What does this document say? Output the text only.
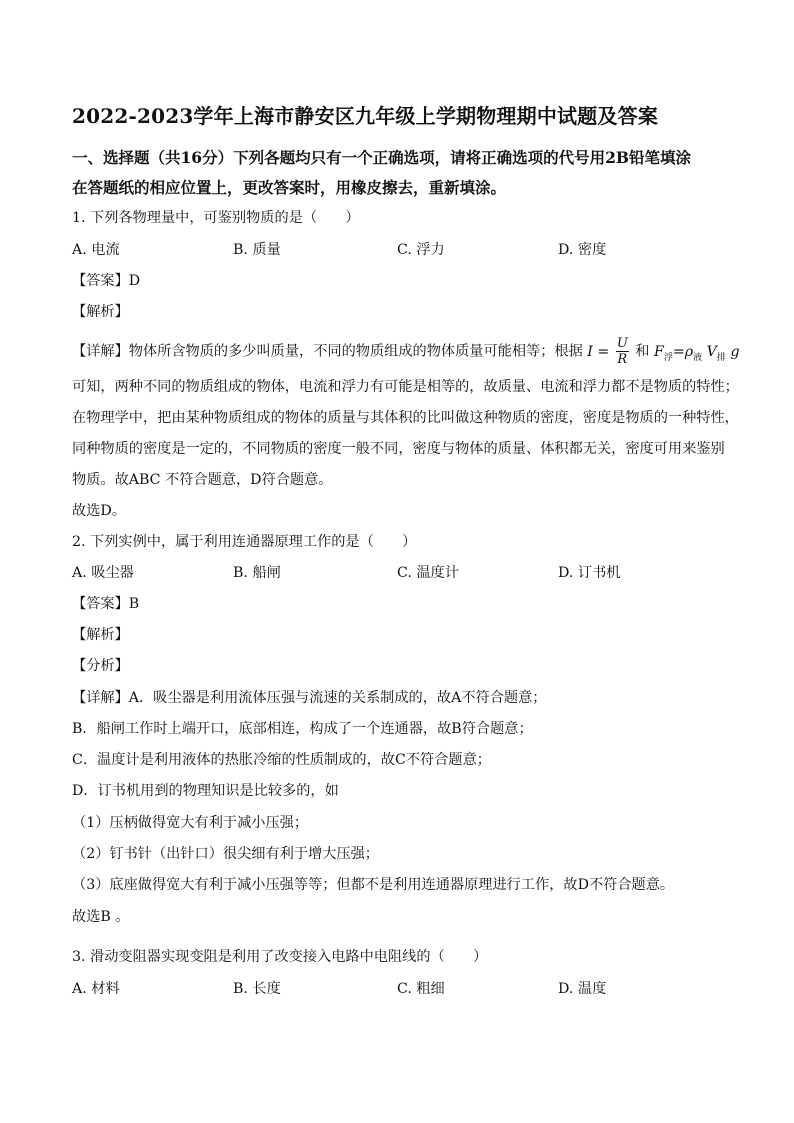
2022-2023学年上海市静安区九年级上学期物理期中试题及答案
一、选择题（共16分）下列各题均只有一个正确选项，请将正确选项的代号用2B铅笔填涂
在答题纸的相应位置上，更改答案时，用橡皮擦去，重新填涂。
1. 下列各物理量中，可鉴别物质的是（　　）
A. 电流	B. 质量	C. 浮力	D. 密度
【答案】D
【解析】
【详解】物体所含物质的多少叫质量，不同的物质组成的物体质量可能相等；根据 $I = \frac{U}{R}$ 和 $F_浮=\rho_液$ $V_排$ g
可知，两种不同的物质组成的物体，电流和浮力有可能是相等的，故质量、电流和浮力都不是物质的特性；
在物理学中，把由某种物质组成的物体的质量与其体积的比叫做这种物质的密度，密度是物质的一种特性，
同种物质的密度是一定的，不同物质的密度一般不同，密度与物体的质量、体积都无关，密度可用来鉴别
物质。故ABC 不符合题意，D符合题意。
故选D。
2. 下列实例中，属于利用连通器原理工作的是（　　）
A. 吸尘器	B. 船闸	C. 温度计	D. 订书机
【答案】B
【解析】
【分析】
【详解】A．吸尘器是利用流体压强与流速的关系制成的，故A不符合题意；
B．船闸工作时上端开口，底部相连，构成了一个连通器，故B符合题意；
C．温度计是利用液体的热胀冷缩的性质制成的，故C不符合题意；
D．订书机用到的物理知识是比较多的，如
（1）压柄做得宽大有利于减小压强；
（2）钉书针（出针口）很尖细有利于增大压强；
（3）底座做得宽大有利于减小压强等等；但都不是利用连通器原理进行工作，故D不符合题意。
故选B 。
3. 滑动变阻器实现变阻是利用了改变接入电路中电阻线的（　　）
A. 材料	B. 长度	C. 粗细	D. 温度
